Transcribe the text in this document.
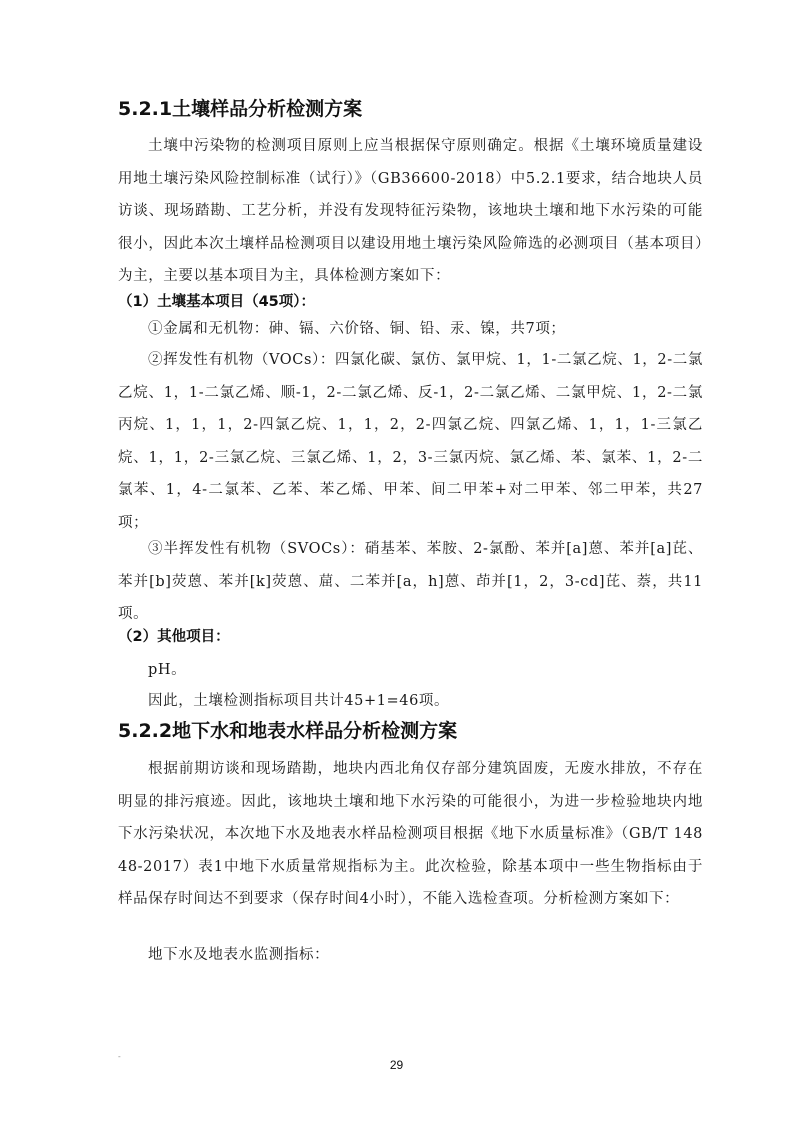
5.2.1土壤样品分析检测方案
土壤中污染物的检测项目原则上应当根据保守原则确定。根据《土壤环境质量建设用地土壤污染风险控制标准（试行）》（GB36600-2018）中5.2.1要求，结合地块人员访谈、现场踏勘、工艺分析，并没有发现特征污染物，该地块土壤和地下水污染的可能很小，因此本次土壤样品检测项目以建设用地土壤污染风险筛选的必测项目（基本项目）为主，主要以基本项目为主，具体检测方案如下：
（1）土壤基本项目（45项）：
①金属和无机物：砷、镉、六价铬、铜、铅、汞、镍，共7项；
②挥发性有机物（VOCs）：四氯化碳、氯仿、氯甲烷、1，1-二氯乙烷、1，2-二氯乙烷、1，1-二氯乙烯、顺-1，2-二氯乙烯、反-1，2-二氯乙烯、二氯甲烷、1，2-二氯丙烷、1，1，1，2-四氯乙烷、1，1，2，2-四氯乙烷、四氯乙烯、1，1，1-三氯乙烷、1，1，2-三氯乙烷、三氯乙烯、1，2，3-三氯丙烷、氯乙烯、苯、氯苯、1，2-二氯苯、1，4-二氯苯、乙苯、苯乙烯、甲苯、间二甲苯+对二甲苯、邻二甲苯，共27项；
③半挥发性有机物（SVOCs）：硝基苯、苯胺、2-氯酚、苯并[a]蒽、苯并[a]芘、苯并[b]荧蒽、苯并[k]荧蒽、䓛、二苯并[a，h]蒽、茚并[1，2，3-cd]芘、萘，共11项。
（2）其他项目：
pH。
因此，土壤检测指标项目共计45+1=46项。
5.2.2地下水和地表水样品分析检测方案
根据前期访谈和现场踏勘，地块内西北角仅存部分建筑固废，无废水排放，不存在明显的排污痕迹。因此，该地块土壤和地下水污染的可能很小，为进一步检验地块内地下水污染状况，本次地下水及地表水样品检测项目根据《地下水质量标准》（GB/T 14848-2017）表1中地下水质量常规指标为主。此次检验，除基本项中一些生物指标由于样品保存时间达不到要求（保存时间4小时），不能入选检查项。分析检测方案如下：
地下水及地表水监测指标：
-
29
